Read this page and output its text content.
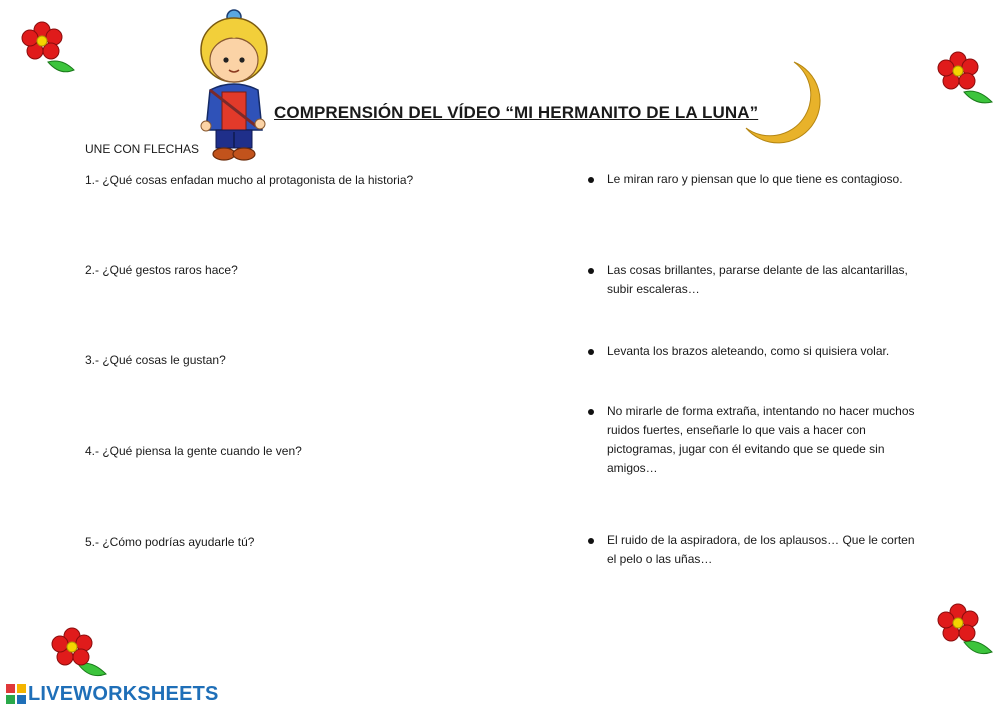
COMPRENSIÓN DEL VÍDEO “MI HERMANITO DE LA LUNA”
UNE CON FLECHAS
1.- ¿Qué cosas enfadan mucho al protagonista de la historia?
2.- ¿Qué gestos raros hace?
3.- ¿Qué cosas le gustan?
4.- ¿Qué piensa la gente cuando le ven?
5.- ¿Cómo podrías ayudarle tú?
Le miran raro y piensan que lo que tiene es contagioso.
Las cosas brillantes, pararse delante de las alcantarillas, subir escaleras…
Levanta los brazos aleteando, como si quisiera volar.
No mirarle de forma extraña, intentando no hacer muchos ruidos fuertes, enseñarle lo que vais a hacer con pictogramas, jugar con él evitando que se quede sin amigos…
El ruido de la aspiradora, de los aplausos… Que le corten el pelo o las uñas…
LIVEWORKSHEETS
